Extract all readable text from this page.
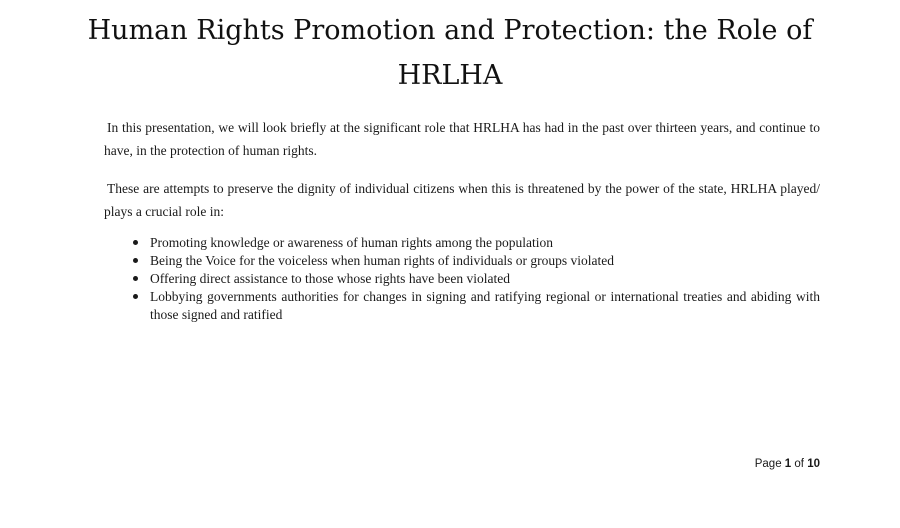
Human Rights Promotion and Protection: the Role of HRLHA

In this presentation, we will look briefly at the significant role that HRLHA has had in the past over thirteen years, and continue to have, in the protection of human rights.

These are attempts to preserve the dignity of individual citizens when this is threatened by the power of the state, HRLHA played/ plays a crucial role in:

Promoting knowledge or awareness of human rights among the population
Being the Voice for the voiceless when human rights of individuals or groups violated
Offering direct assistance to those whose rights have been violated
Lobbying governments authorities for changes in signing and ratifying regional or international treaties and abiding with those signed and ratified
Page 1 of 10
